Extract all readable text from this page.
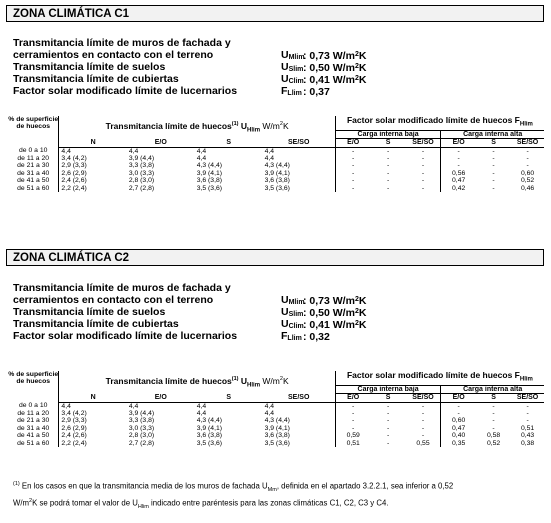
ZONA CLIMÁTICA C1
Transmitancia límite de muros de fachada y
cerramientos en contacto con el terreno	$U_{Mlim}$
: 0,73 $W/m^2K$
Transmitancia límite de suelos	$U_{Slim}$ : 0,50 $W/m^2K$
Transmitancia límite de cubiertas	$U_{Clim}$ : 0,41 $W/m^2K$
Factor solar modificado límite de lucernarios	$F_{Llim}$ : 0,37
% de superficie de huecos	Transmitancia límite de huecos$^{(1)}$ $U_{Hlim}$ $W/m^2K$				Factor solar modificado límite de huecos $F_{Hlim}$
					Carga interna baja			Carga interna alta		
	N	E/O	S	SE/SO	E/O	S	SE/SO	E/O	S	SE/SO
de 0 a 10	4,4	4,4	4,4	4,4	-	-	-	-	-	-
de 11 a 20	3,4 (4,2)	3,9 (4,4)	4,4	4,4	-	-	-	-	-	-
de 21 a 30	2,9 (3,3)	3,3 (3,8)	4,3 (4,4)	4,3 (4,4)	-	-	-	-	-	-
de 31 a 40	2,6 (2,9)	3,0 (3,3)	3,9 (4,1)	3,9 (4,1)	-	-	-	0,56	-	0,60
de 41 a 50	2,4 (2,6)	2,8 (3,0)	3,6 (3,8)	3,6 (3,8)	-	-	-	0,47	-	0,52
de 51 a 60	2,2 (2,4)	2,7 (2,8)	3,5 (3,6)	3,5 (3,6)	-	-	-	0,42	-	0,46
ZONA CLIMÁTICA C2
Transmitancia límite de muros de fachada y
cerramientos en contacto con el terreno	$U_{Mlim}$
: 0,73 $W/m^2K$
Transmitancia límite de suelos	$U_{Slim}$ : 0,50 $W/m^2K$
Transmitancia límite de cubiertas	$U_{Clim}$ : 0,41 $W/m^2K$
Factor solar modificado límite de lucernarios	$F_{Llim}$ : 0,32
% de superficie de huecos	Transmitancia límite de huecos$^{(1)}$ $U_{Hlim}$ $W/m^2K$				Factor solar modificado límite de huecos $F_{Hlim}$
					Carga interna baja			Carga interna alta		
	N	E/O	S	SE/SO	E/O	S	SE/SO	E/O	S	SE/SO
de 0 a 10	4,4	4,4	4,4	4,4	-	-	-	-	-	-
de 11 a 20	3,4 (4,2)	3,9 (4,4)	4,4	4,4	-	-	-	-	-	-
de 21 a 30	2,9 (3,3)	3,3 (3,8)	4,3 (4,4)	4,3 (4,4)	-	-	-	0,60	-	-
de 31 a 40	2,6 (2,9)	3,0 (3,3)	3,9 (4,1)	3,9 (4,1)	-	-	-	0,47	-	0,51
de 41 a 50	2,4 (2,6)	2,8 (3,0)	3,6 (3,8)	3,6 (3,8)	0,59	-	-	0,40	0,58	0,43
de 51 a 60	2,2 (2,4)	2,7 (2,8)	3,5 (3,6)	3,5 (3,6)	0,51	-	0,55	0,35	0,52	0,38
$^{(1)}$ En los casos en que la transmitancia media de los muros de fachada $U_{Mm}$, definida en el apartado 3.2.2.1, sea inferior a 0,52
$W/m^2K$ se podrá tomar el valor de $U_{Hlim}$ indicado entre paréntesis para las zonas climáticas C1, C2, C3 y C4.
